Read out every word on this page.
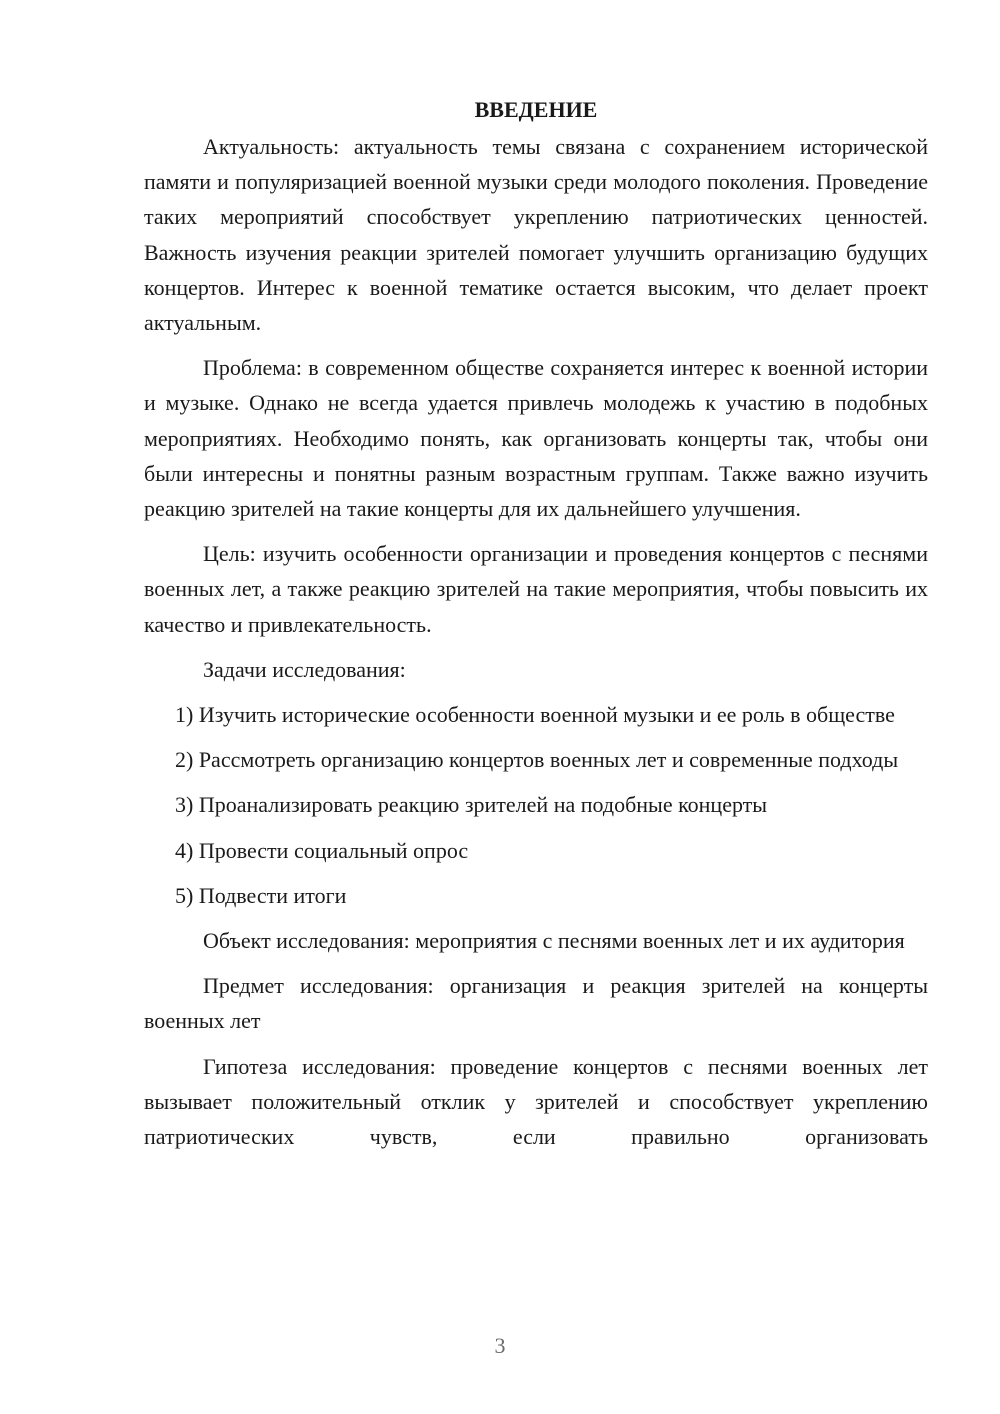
ВВЕДЕНИЕ

Актуальность: актуальность темы связана с сохранением исторической памяти и популяризацией военной музыки среди молодого поколения. Проведение таких мероприятий способствует укреплению патриотических ценностей. Важность изучения реакции зрителей помогает улучшить организацию будущих концертов. Интерес к военной тематике остается высоким, что делает проект актуальным.

Проблема: в современном обществе сохраняется интерес к военной истории и музыке. Однако не всегда удается привлечь молодежь к участию в подобных мероприятиях. Необходимо понять, как организовать концерты так, чтобы они были интересны и понятны разным возрастным группам. Также важно изучить реакцию зрителей на такие концерты для их дальнейшего улучшения.

Цель: изучить особенности организации и проведения концертов с песнями военных лет, а также реакцию зрителей на такие мероприятия, чтобы повысить их качество и привлекательность.

Задачи исследования:

1) Изучить исторические особенности военной музыки и ее роль в обществе

2) Рассмотреть организацию концертов военных лет и современные подходы

3) Проанализировать реакцию зрителей на подобные концерты

4) Провести социальный опрос

5) Подвести итоги

Объект исследования: мероприятия с песнями военных лет и их аудитория

Предмет исследования: организация и реакция зрителей на концерты военных лет

Гипотеза исследования: проведение концертов с песнями военных лет вызывает положительный отклик у зрителей и способствует укреплению патриотических чувств, если правильно организовать

3
